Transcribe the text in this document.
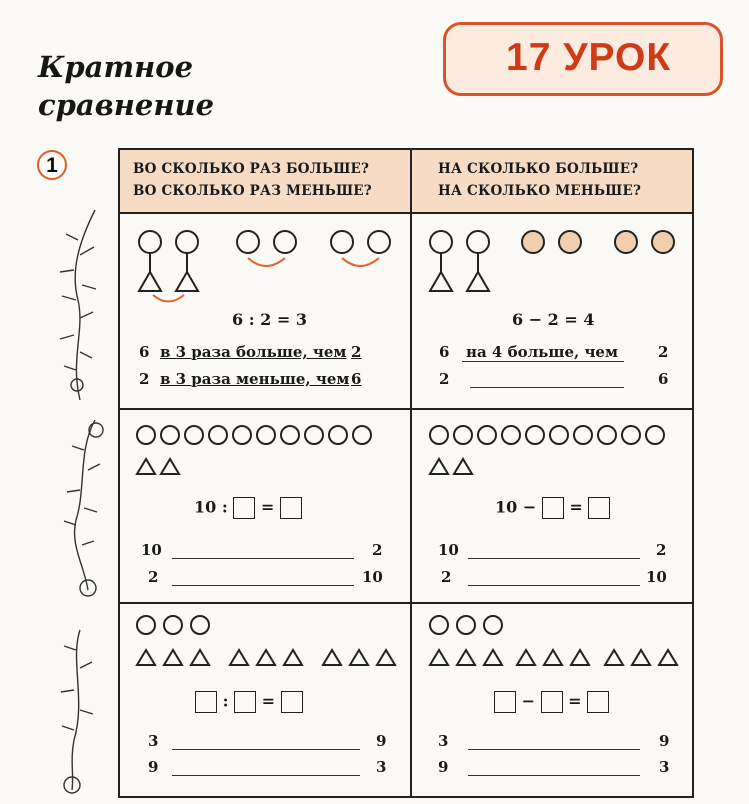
Кратное
сравнение
17 УРОК
1	ВО СКОЛЬКО РАЗ БОЛЬШЕ?
ВО СКОЛЬКО РАЗ МЕНЬШЕ?
НА СКОЛЬКО БОЛЬШЕ?
НА СКОЛЬКО МЕНЬШЕ?
6 : 2 = 3
6 в 3 раза больше, чем 2
2 в 3 раза меньше, чем 6
6 − 2 = 4
6 на 4 больше, чем	2
2	6
10 : =
10	2
2	10
10 − =
10	2
2	10
: =
3	9
9	3
− =
3	9
9	3
